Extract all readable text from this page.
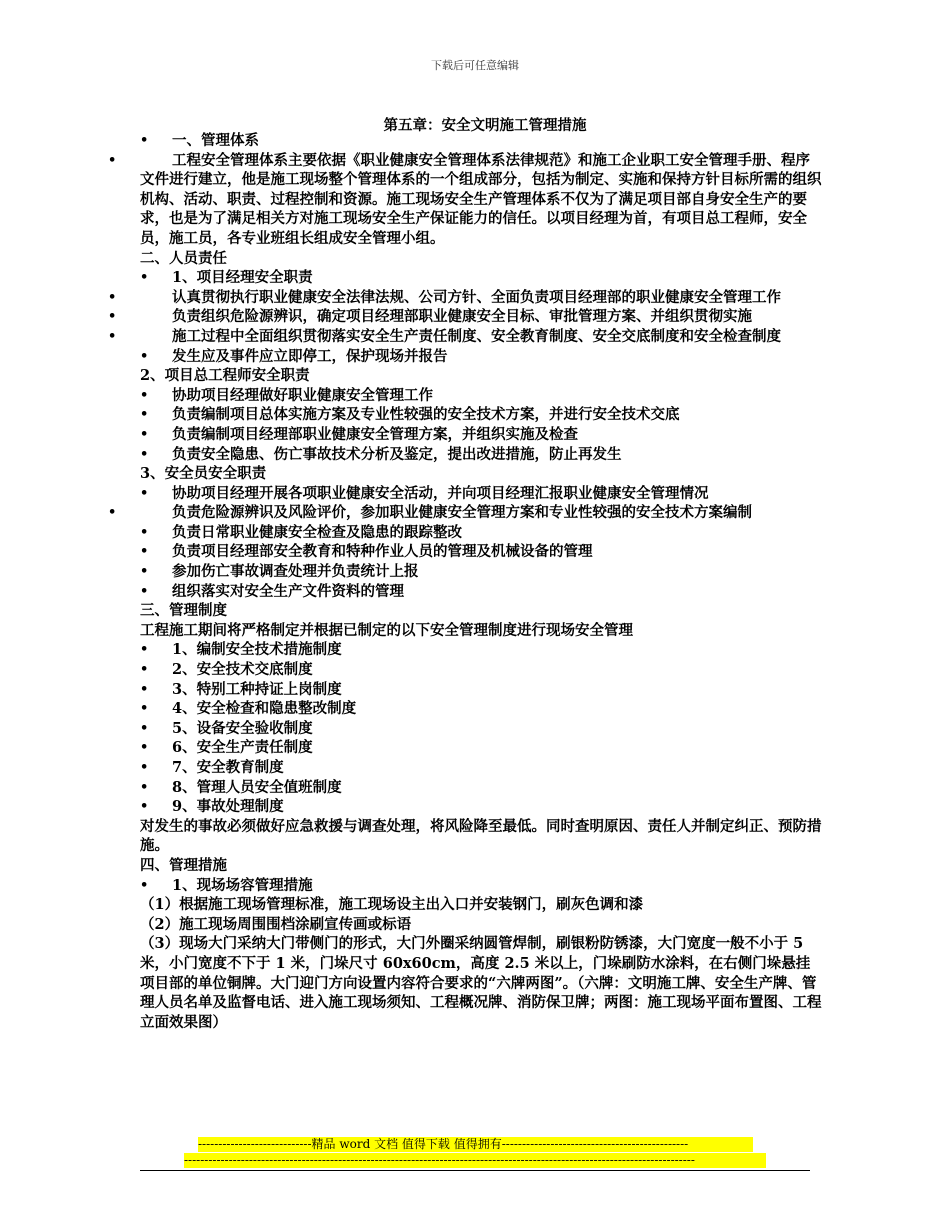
下载后可任意编辑
第五章：安全文明施工管理措施
• 一、管理体系
•	工程安全管理体系主要依据《职业健康安全管理体系法律规范》和施工企业职工安全管理手册、程序文件进行建立，他是施工现场整个管理体系的一个组成部分，包括为制定、实施和保持方针目标所需的组织机构、活动、职责、过程控制和资源。施工现场安全生产管理体系不仅为了满足项目部自身安全生产的要求，也是为了满足相关方对施工现场安全生产保证能力的信任。以项目经理为首，有项目总工程师，安全员，施工员，各专业班组长组成安全管理小组。
二、人员责任
• 1、项目经理安全职责
•	认真贯彻执行职业健康安全法律法规、公司方针、全面负责项目经理部的职业健康安全管理工作
•	负责组织危险源辨识，确定项目经理部职业健康安全目标、审批管理方案、并组织贯彻实施
•	施工过程中全面组织贯彻落实安全生产责任制度、安全教育制度、安全交底制度和安全检查制度
• 发生应及事件应立即停工，保护现场并报告
2、项目总工程师安全职责
• 协助项目经理做好职业健康安全管理工作
• 负责编制项目总体实施方案及专业性较强的安全技术方案，并进行安全技术交底
• 负责编制项目经理部职业健康安全管理方案，并组织实施及检查
• 负责安全隐患、伤亡事故技术分析及鉴定，提出改进措施，防止再发生
3、安全员安全职责
• 协助项目经理开展各项职业健康安全活动，并向项目经理汇报职业健康安全管理情况
•	负责危险源辨识及风险评价，参加职业健康安全管理方案和专业性较强的安全技术方案编制
• 负责日常职业健康安全检查及隐患的跟踪整改
• 负责项目经理部安全教育和特种作业人员的管理及机械设备的管理
• 参加伤亡事故调查处理并负责统计上报
• 组织落实对安全生产文件资料的管理
三、管理制度
工程施工期间将严格制定并根据已制定的以下安全管理制度进行现场安全管理
• 1、编制安全技术措施制度
• 2、安全技术交底制度
• 3、特别工种持证上岗制度
• 4、安全检查和隐患整改制度
• 5、设备安全验收制度
• 6、安全生产责任制度
• 7、安全教育制度
• 8、管理人员安全值班制度
• 9、事故处理制度
对发生的事故必须做好应急救援与调查处理，将风险降至最低。同时查明原因、责任人并制定纠正、预防措施。
四、管理措施
• 1、现场场容管理措施
（1）根据施工现场管理标准，施工现场设主出入口并安装钢门，刷灰色调和漆
（2）施工现场周围围档涂刷宣传画或标语
（3）现场大门采纳大门带侧门的形式，大门外圈采纳圆管焊制，刷银粉防锈漆，大门宽度一般不小于 5 米，小门宽度不下于 1 米，门垛尺寸 60x60cm，高度 2.5 米以上，门垛刷防水涂料，在右侧门垛悬挂项目部的单位铜牌。大门迎门方向设置内容符合要求的“六牌两图”。（六牌：文明施工牌、安全生产牌、管理人员名单及监督电话、进入施工现场须知、工程概况牌、消防保卫牌；两图：施工现场平面布置图、工程立面效果图）
----------------------------精品 word 文档 值得下载 值得拥有----------------------------------------------
------------------------------------------------------------------------------------------------------------------------------
